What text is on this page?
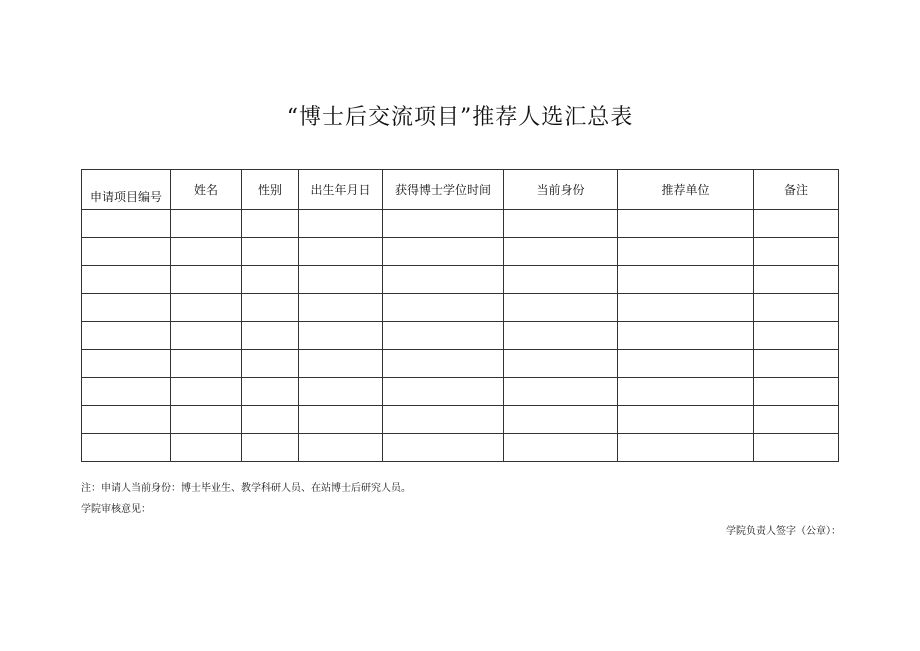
“博士后交流项目”推荐人选汇总表
申请项目编号	姓名	性别	出生年月日	获得博士学位时间	当前身份	推荐单位	备注

注：申请人当前身份：博士毕业生、教学科研人员、在站博士后研究人员。
学院审核意见：
学院负责人签字（公章）：
